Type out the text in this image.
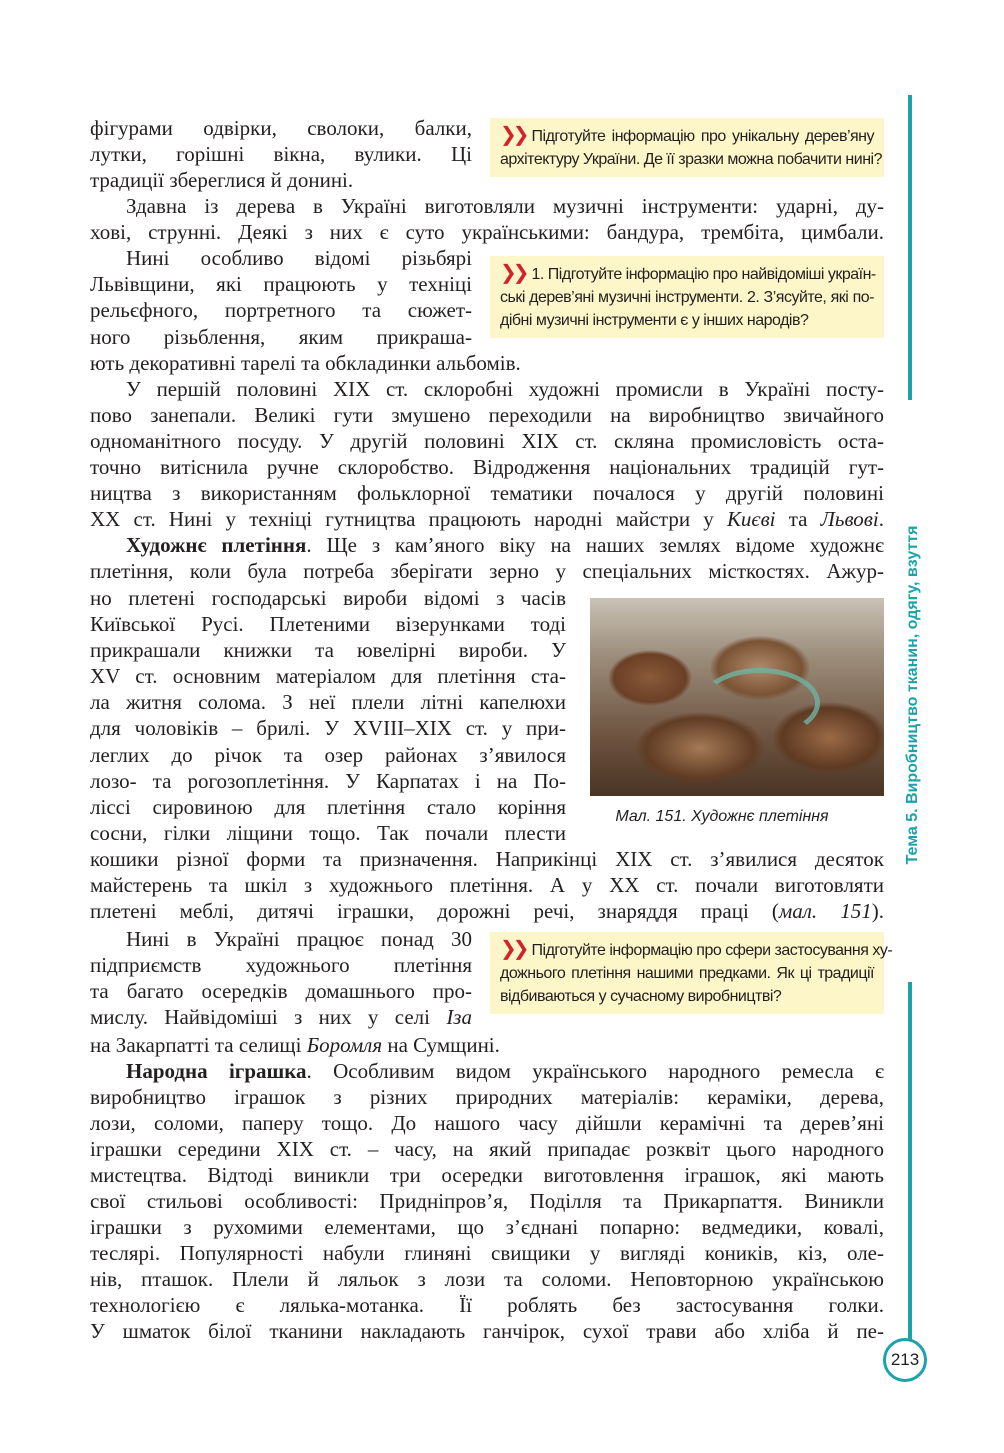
фігурами одвірки, сволоки, балки,
лутки, горішні вікна, вулики. Ці
традиції збереглися й донині.
Здавна із дерева в Україні виготовляли музичні інструменти: ударні, ду-
хові, струнні. Деякі з них є суто українськими: бандура, трембіта, цимбали.
Нині особливо відомі різьбярі
Львівщини, які працюють у техніці
рельєфного, портретного та сюжет-
ного різьблення, яким прикраша-
ють декоративні тарелі та обкладинки альбомів.
У першій половині XIX ст. склоробні художні промисли в Україні посту-
пово занепали. Великі гути змушено переходили на виробництво звичайного
одноманітного посуду. У другій половині XIX ст. скляна промисловість оста-
точно витіснила ручне склоробство. Відродження національних традицій гут-
ництва з використанням фольклорної тематики почалося у другій половині
XX ст. Нині у техніці гутництва працюють народні майстри у Києві та Львові.
Художнє плетіння. Ще з кам’яного віку на наших землях відоме художнє
плетіння, коли була потреба зберігати зерно у спеціальних місткостях. Ажур-
но плетені господарські вироби відомі з часів
Київської Русі. Плетеними візерунками тоді
прикрашали книжки та ювелірні вироби. У
XV ст. основним матеріалом для плетіння ста-
ла житня солома. З неї плели літні капелюхи
для чоловіків – брилі. У XVIII–XIX ст. у при-
леглих до річок та озер районах з’явилося
лозо- та рогозоплетіння. У Карпатах і на По-
ліссі сировиною для плетіння стало коріння
сосни, гілки ліщини тощо. Так почали плести
кошики різної форми та призначення. Наприкінці XIX ст. з’явилися десяток
майстерень та шкіл з художнього плетіння. А у XX ст. почали виготовляти
плетені меблі, дитячі іграшки, дорожні речі, знаряддя праці (мал. 151).
Нині в Україні працює понад 30
підприємств художнього плетіння
та багато осередків домашнього про-
мислу. Найвідоміші з них у селі Іза
на Закарпатті та селищі Боромля на Сумщині.
Народна іграшка. Особливим видом українського народного ремесла є
виробництво іграшок з різних природних матеріалів: кераміки, дерева,
лози, соломи, паперу тощо. До нашого часу дійшли керамічні та дерев’яні
іграшки середини XIX ст. – часу, на який припадає розквіт цього народного
мистецтва. Відтоді виникли три осередки виготовлення іграшок, які мають
свої стильові особливості: Придніпров’я, Поділля та Прикарпаття. Виникли
іграшки з рухомими елементами, що з’єднані попарно: ведмедики, ковалі,
теслярі. Популярності набули глиняні свищики у вигляді коників, кіз, оле-
нів, пташок. Плели й ляльок з лози та соломи. Неповторною українською
технологією є лялька-мотанка. Її роблять без застосування голки.
У шматок білої тканини накладають ганчірок, сухої трави або хліба й пе-
❯❯ Підготуйте інформацію про унікальну дерев’яну
архітектуру України. Де її зразки можна побачити нині?
❯❯ 1. Підготуйте інформацію про найвідоміші україн-
ські дерев’яні музичні інструменти. 2. З’ясуйте, які по-
дібні музичні інструменти є у інших народів?
❯❯ Підготуйте інформацію про сфери застосування ху-
дожнього плетіння нашими предками. Як ці традиції
відбиваються у сучасному виробництві?
Мал. 151. Художнє плетіння	Тема 5. Виробництво тканин, одягу, взуття
213
